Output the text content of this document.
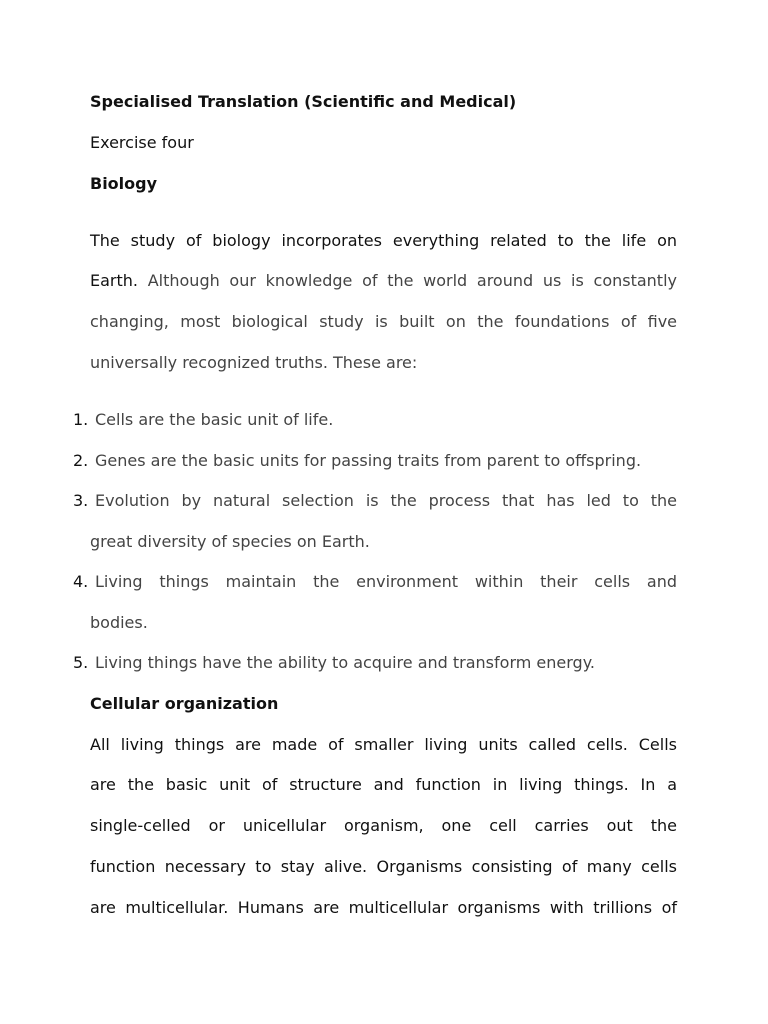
Specialised Translation (Scientific and Medical)
Exercise four
Biology
The study of biology incorporates everything related to the life on
Earth. Although our knowledge of the world around us is constantly
changing, most biological study is built on the foundations of five
universally recognized truths. These are:
1. Cells are the basic unit of life.
2. Genes are the basic units for passing traits from parent to offspring.
3. Evolution by natural selection is the process that has led to the
great diversity of species on Earth.
4. Living things maintain the environment within their cells and
bodies.
5. Living things have the ability to acquire and transform energy.
Cellular organization
All living things are made of smaller living units called cells. Cells
are the basic unit of structure and function in living things. In a
single-celled or unicellular organism, one cell carries out the
function necessary to stay alive. Organisms consisting of many cells
are multicellular. Humans are multicellular organisms with trillions of
